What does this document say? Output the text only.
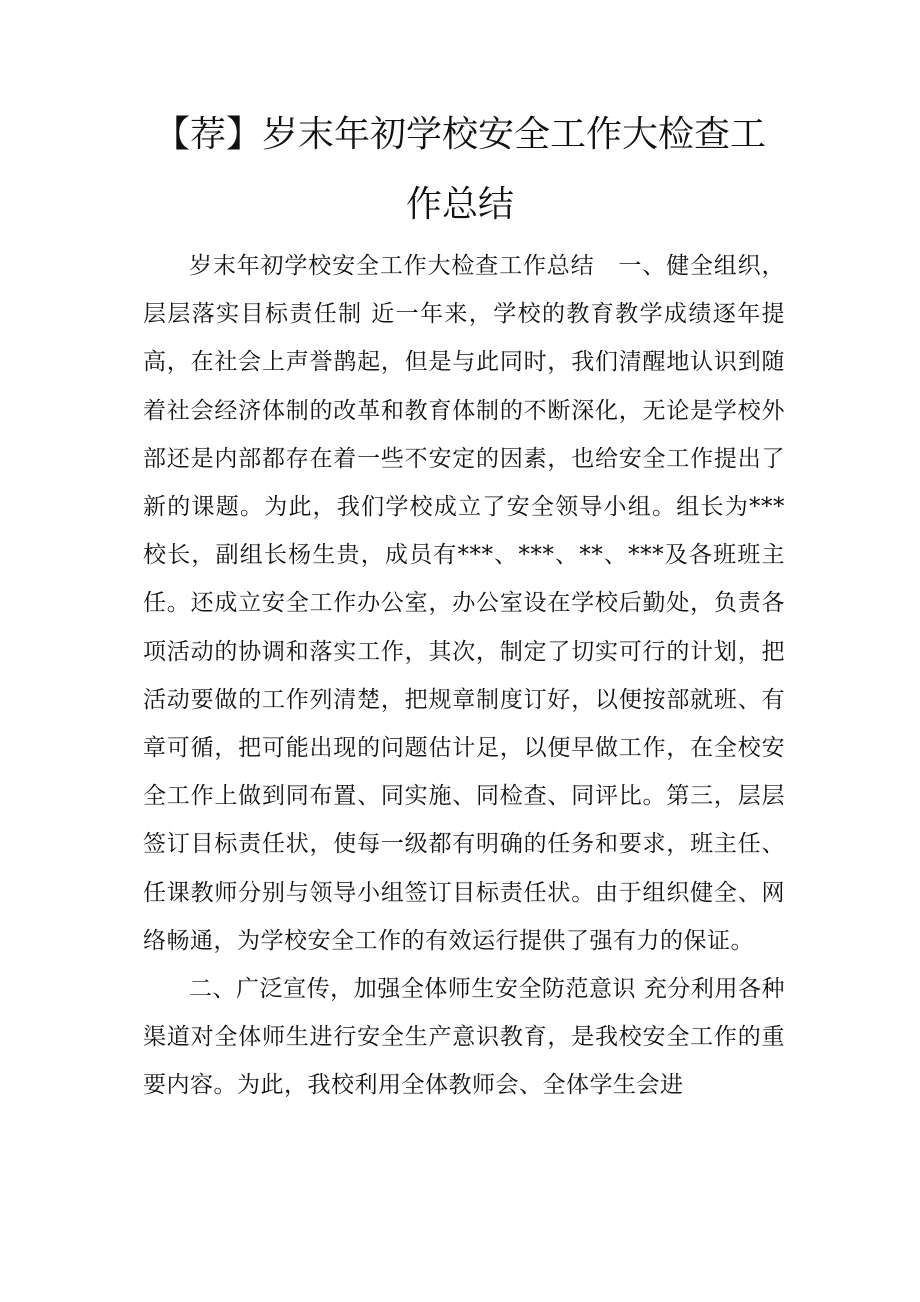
【荐】岁末年初学校安全工作大检查工作总结

岁末年初学校安全工作大检查工作总结　一、健全组织，层层落实目标责任制 近一年来，学校的教育教学成绩逐年提高，在社会上声誉鹊起，但是与此同时，我们清醒地认识到随着社会经济体制的改革和教育体制的不断深化，无论是学校外部还是内部都存在着一些不安定的因素，也给安全工作提出了新的课题。为此，我们学校成立了安全领导小组。组长为***校长，副组长杨生贵，成员有***、***、**、***及各班班主任。还成立安全工作办公室，办公室设在学校后勤处，负责各项活动的协调和落实工作，其次，制定了切实可行的计划，把活动要做的工作列清楚，把规章制度订好，以便按部就班、有章可循，把可能出现的问题估计足，以便早做工作，在全校安全工作上做到同布置、同实施、同检查、同评比。第三，层层签订目标责任状，使每一级都有明确的任务和要求，班主任、任课教师分别与领导小组签订目标责任状。由于组织健全、网络畅通，为学校安全工作的有效运行提供了强有力的保证。

二、广泛宣传，加强全体师生安全防范意识 充分利用各种渠道对全体师生进行安全生产意识教育，是我校安全工作的重要内容。为此，我校利用全体教师会、全体学生会进
